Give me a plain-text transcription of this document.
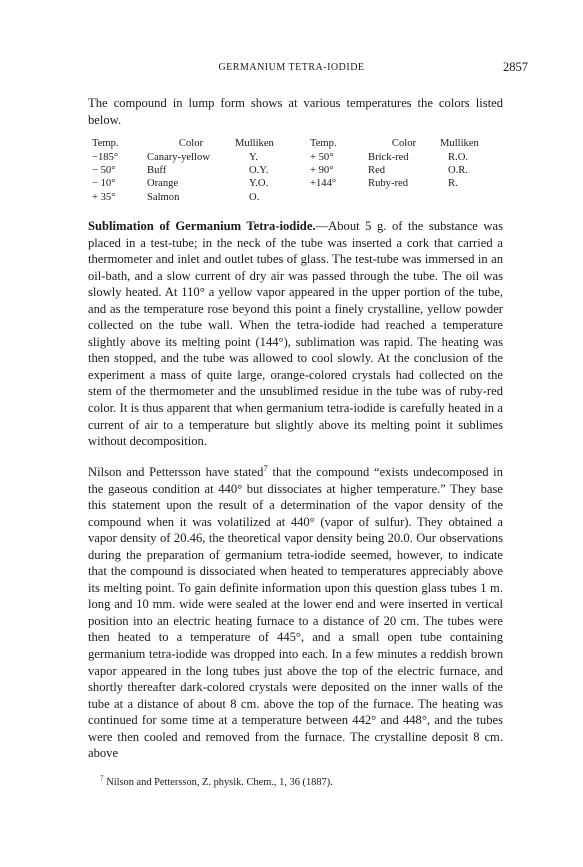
GERMANIUM TETRA-IODIDE	2857

The compound in lump form shows at various temperatures the colors listed below.

Temp.	Color	Mulliken	Temp.	Color	Mulliken
−185°	Canary-yellow	Y.	+ 50°	Brick-red	R.O.
− 50°	Buff	O.Y.	+ 90°	Red	O.R.
− 10°	Orange	Y.O.	+144°	Ruby-red	R.
+ 35°	Salmon	O.			

Sublimation of Germanium Tetra-iodide.—About 5 g. of the substance was placed in a test-tube; in the neck of the tube was inserted a cork that carried a thermometer and inlet and outlet tubes of glass. The test-tube was immersed in an oil-bath, and a slow current of dry air was passed through the tube. The oil was slowly heated. At 110° a yellow vapor appeared in the upper portion of the tube, and as the temperature rose beyond this point a finely crystalline, yellow powder collected on the tube wall. When the tetra-iodide had reached a temperature slightly above its melting point (144°), sublimation was rapid. The heating was then stopped, and the tube was allowed to cool slowly. At the conclusion of the experiment a mass of quite large, orange-colored crystals had collected on the stem of the thermometer and the unsublimed residue in the tube was of ruby-red color. It is thus apparent that when germanium tetra-iodide is carefully heated in a current of air to a temperature but slightly above its melting point it sublimes without decomposition.

Nilson and Pettersson have stated$^7$ that the compound “exists undecomposed in the gaseous condition at 440° but dissociates at higher temperature.” They base this statement upon the result of a determination of the vapor density of the compound when it was volatilized at 440° (vapor of sulfur). They obtained a vapor density of 20.46, the theoretical vapor density being 20.0. Our observations during the preparation of germanium tetra-iodide seemed, however, to indicate that the compound is dissociated when heated to temperatures appreciably above its melting point. To gain definite information upon this question glass tubes 1 m. long and 10 mm. wide were sealed at the lower end and were inserted in vertical position into an electric heating furnace to a distance of 20 cm. The tubes were then heated to a temperature of 445°, and a small open tube containing germanium tetra-iodide was dropped into each. In a few minutes a reddish brown vapor appeared in the long tubes just above the top of the electric furnace, and shortly thereafter dark-colored crystals were deposited on the inner walls of the tube at a distance of about 8 cm. above the top of the furnace. The heating was continued for some time at a temperature between 442° and 448°, and the tubes were then cooled and removed from the furnace. The crystalline deposit 8 cm. above

$^7$ Nilson and Pettersson, Z. physik. Chem., 1, 36 (1887).
